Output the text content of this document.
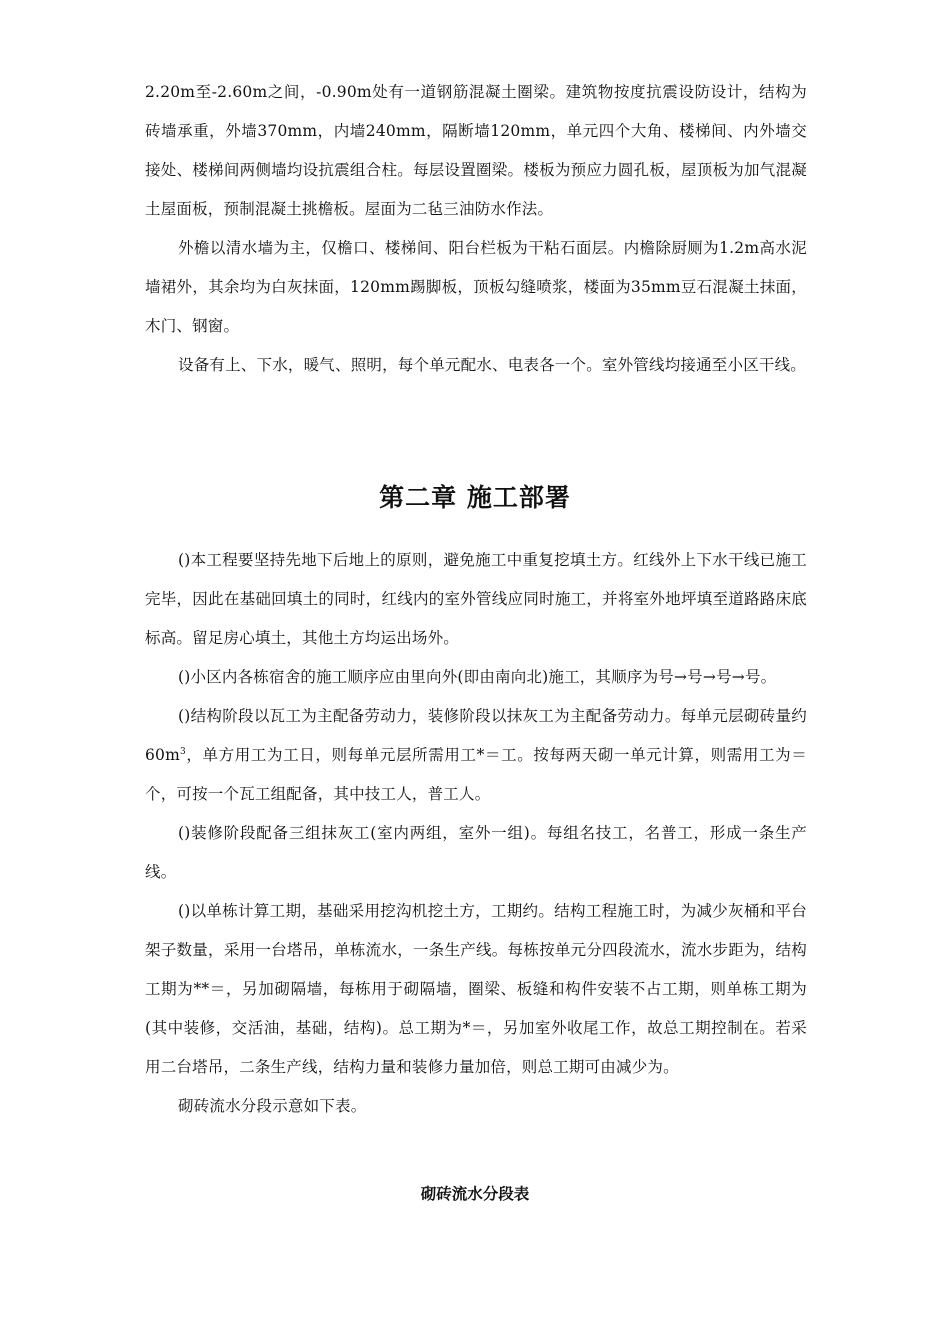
2.20m至-2.60m之间，-0.90m处有一道钢筋混凝土圈梁。建筑物按度抗震设防设计，结构为砖墙承重，外墙370mm，内墙240mm，隔断墙120mm，单元四个大角、楼梯间、内外墙交接处、楼梯间两侧墙均设抗震组合柱。每层设置圈梁。楼板为预应力圆孔板，屋顶板为加气混凝土屋面板，预制混凝土挑檐板。屋面为二毡三油防水作法。

外檐以清水墙为主，仅檐口、楼梯间、阳台栏板为干粘石面层。内檐除厨厕为1.2m高水泥墙裙外，其余均为白灰抹面，120mm踢脚板，顶板勾缝喷浆，楼面为35mm豆石混凝土抹面，木门、钢窗。

设备有上、下水，暖气、照明，每个单元配水、电表各一个。室外管线均接通至小区干线。

第二章 施工部署

()本工程要坚持先地下后地上的原则，避免施工中重复挖填土方。红线外上下水干线已施工完毕，因此在基础回填土的同时，红线内的室外管线应同时施工，并将室外地坪填至道路路床底标高。留足房心填土，其他土方均运出场外。

()小区内各栋宿舍的施工顺序应由里向外(即由南向北)施工，其顺序为号→号→号→号。

()结构阶段以瓦工为主配备劳动力，装修阶段以抹灰工为主配备劳动力。每单元层砌砖量约$60m^3$，单方用工为工日，则每单元层所需用工*＝工。按每两天砌一单元计算，则需用工为＝个，可按一个瓦工组配备，其中技工人，普工人。

()装修阶段配备三组抹灰工(室内两组，室外一组)。每组名技工，名普工，形成一条生产线。

()以单栋计算工期，基础采用挖沟机挖土方，工期约。结构工程施工时，为减少灰桶和平台架子数量，采用一台塔吊，单栋流水，一条生产线。每栋按单元分四段流水，流水步距为，结构工期为**＝，另加砌隔墙，每栋用于砌隔墙，圈梁、板缝和构件安装不占工期，则单栋工期为(其中装修，交活油，基础，结构)。总工期为*＝，另加室外收尾工作，故总工期控制在。若采用二台塔吊，二条生产线，结构力量和装修力量加倍，则总工期可由减少为。

砌砖流水分段示意如下表。

砌砖流水分段表
